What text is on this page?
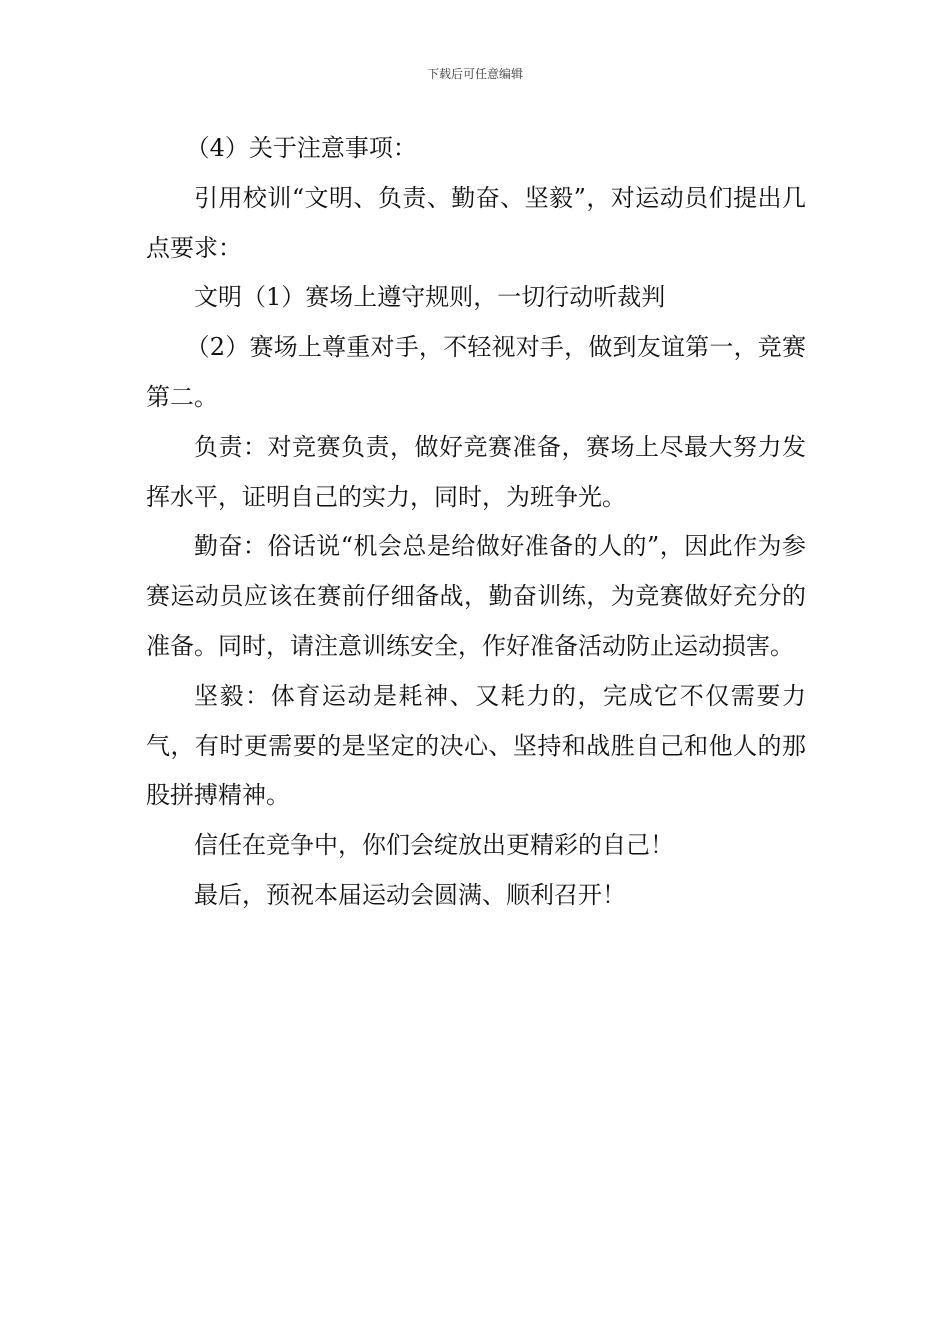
下载后可任意编辑

（4）关于注意事项：

引用校训“文明、负责、勤奋、坚毅”，对运动员们提出几点要求：

文明（1）赛场上遵守规则，一切行动听裁判

（2）赛场上尊重对手，不轻视对手，做到友谊第一，竞赛第二。

负责：对竞赛负责，做好竞赛准备，赛场上尽最大努力发挥水平，证明自己的实力，同时，为班争光。

勤奋：俗话说“机会总是给做好准备的人的”，因此作为参赛运动员应该在赛前仔细备战，勤奋训练，为竞赛做好充分的准备。同时，请注意训练安全，作好准备活动防止运动损害。

坚毅：体育运动是耗神、又耗力的，完成它不仅需要力气，有时更需要的是坚定的决心、坚持和战胜自己和他人的那股拼搏精神。

信任在竞争中，你们会绽放出更精彩的自己！

最后，预祝本届运动会圆满、顺利召开！
